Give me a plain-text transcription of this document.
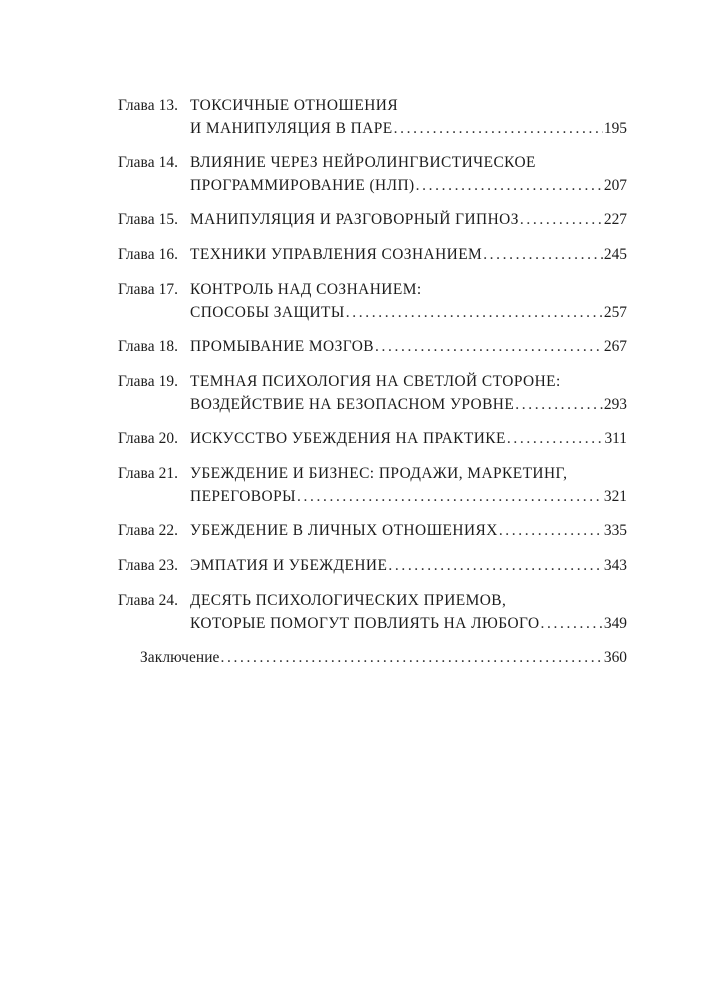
Глава 13. ТОКСИЧНЫЕ ОТНОШЕНИЯ
И МАНИПУЛЯЦИЯ В ПАРЕ . . .	195
Глава 14. ВЛИЯНИЕ ЧЕРЕЗ НЕЙРОЛИНГВИСТИЧЕСКОЕ
ПРОГРАММИРОВАНИЕ (НЛП) . . .	207
Глава 15. МАНИПУЛЯЦИЯ И РАЗГОВОРНЫЙ ГИПНОЗ . . .	227
Глава 16. ТЕХНИКИ УПРАВЛЕНИЯ СОЗНАНИЕМ . . .	245
Глава 17. КОНТРОЛЬ НАД СОЗНАНИЕМ:
СПОСОБЫ ЗАЩИТЫ . . .	257
Глава 18. ПРОМЫВАНИЕ МОЗГОВ . . .	267
Глава 19. ТЕМНАЯ ПСИХОЛОГИЯ НА СВЕТЛОЙ СТОРОНЕ:
ВОЗДЕЙСТВИЕ НА БЕЗОПАСНОМ УРОВНЕ . . .	293
Глава 20. ИСКУССТВО УБЕЖДЕНИЯ НА ПРАКТИКЕ . . .	311
Глава 21. УБЕЖДЕНИЕ И БИЗНЕС: ПРОДАЖИ, МАРКЕТИНГ,
ПЕРЕГОВОРЫ . . .	321
Глава 22. УБЕЖДЕНИЕ В ЛИЧНЫХ ОТНОШЕНИЯХ . . .	335
Глава 23. ЭМПАТИЯ И УБЕЖДЕНИЕ . . .	343
Глава 24. ДЕСЯТЬ ПСИХОЛОГИЧЕСКИХ ПРИЕМОВ,
КОТОРЫЕ ПОМОГУТ ПОВЛИЯТЬ НА ЛЮБОГО . . .	349
Заключение . . .	360
